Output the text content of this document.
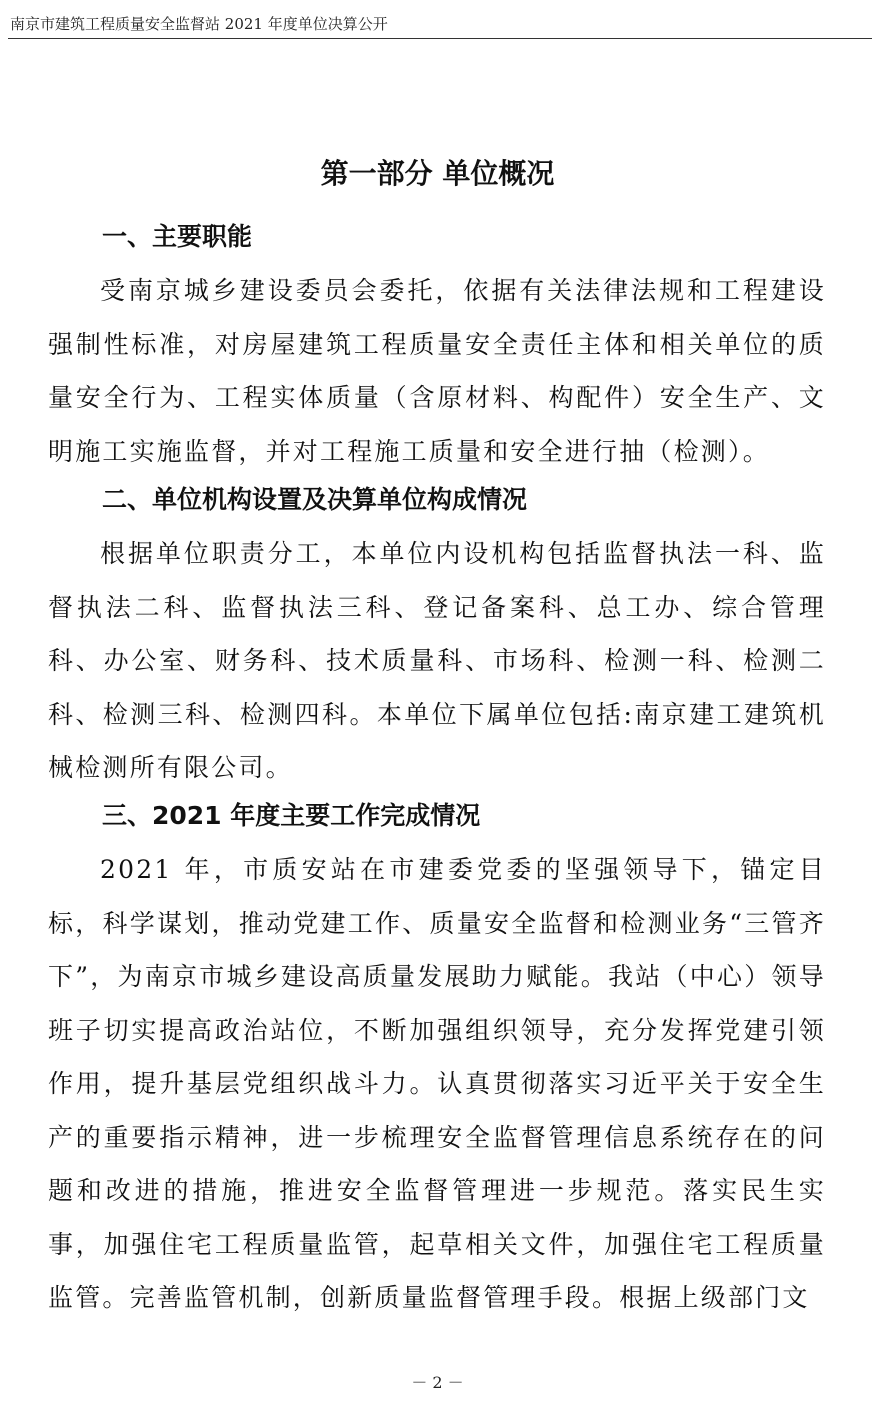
南京市建筑工程质量安全监督站 2021 年度单位决算公开
第一部分 单位概况
一、主要职能

受南京城乡建设委员会委托，依据有关法律法规和工程建设强制性标准，对房屋建筑工程质量安全责任主体和相关单位的质量安全行为、工程实体质量（含原材料、构配件）安全生产、文明施工实施监督，并对工程施工质量和安全进行抽（检测）。

二、单位机构设置及决算单位构成情况

根据单位职责分工，本单位内设机构包括监督执法一科、监督执法二科、监督执法三科、登记备案科、总工办、综合管理科、办公室、财务科、技术质量科、市场科、检测一科、检测二科、检测三科、检测四科。本单位下属单位包括:南京建工建筑机械检测所有限公司。

三、2021 年度主要工作完成情况

2021 年，市质安站在市建委党委的坚强领导下，锚定目标，科学谋划，推动党建工作、质量安全监督和检测业务“三管齐下”，为南京市城乡建设高质量发展助力赋能。我站（中心）领导班子切实提高政治站位，不断加强组织领导，充分发挥党建引领作用，提升基层党组织战斗力。认真贯彻落实习近平关于安全生产的重要指示精神，进一步梳理安全监督管理信息系统存在的问题和改进的措施，推进安全监督管理进一步规范。落实民生实事，加强住宅工程质量监管，起草相关文件，加强住宅工程质量监管。完善监管机制，创新质量监督管理手段。根据上级部门文

－ 2 －
